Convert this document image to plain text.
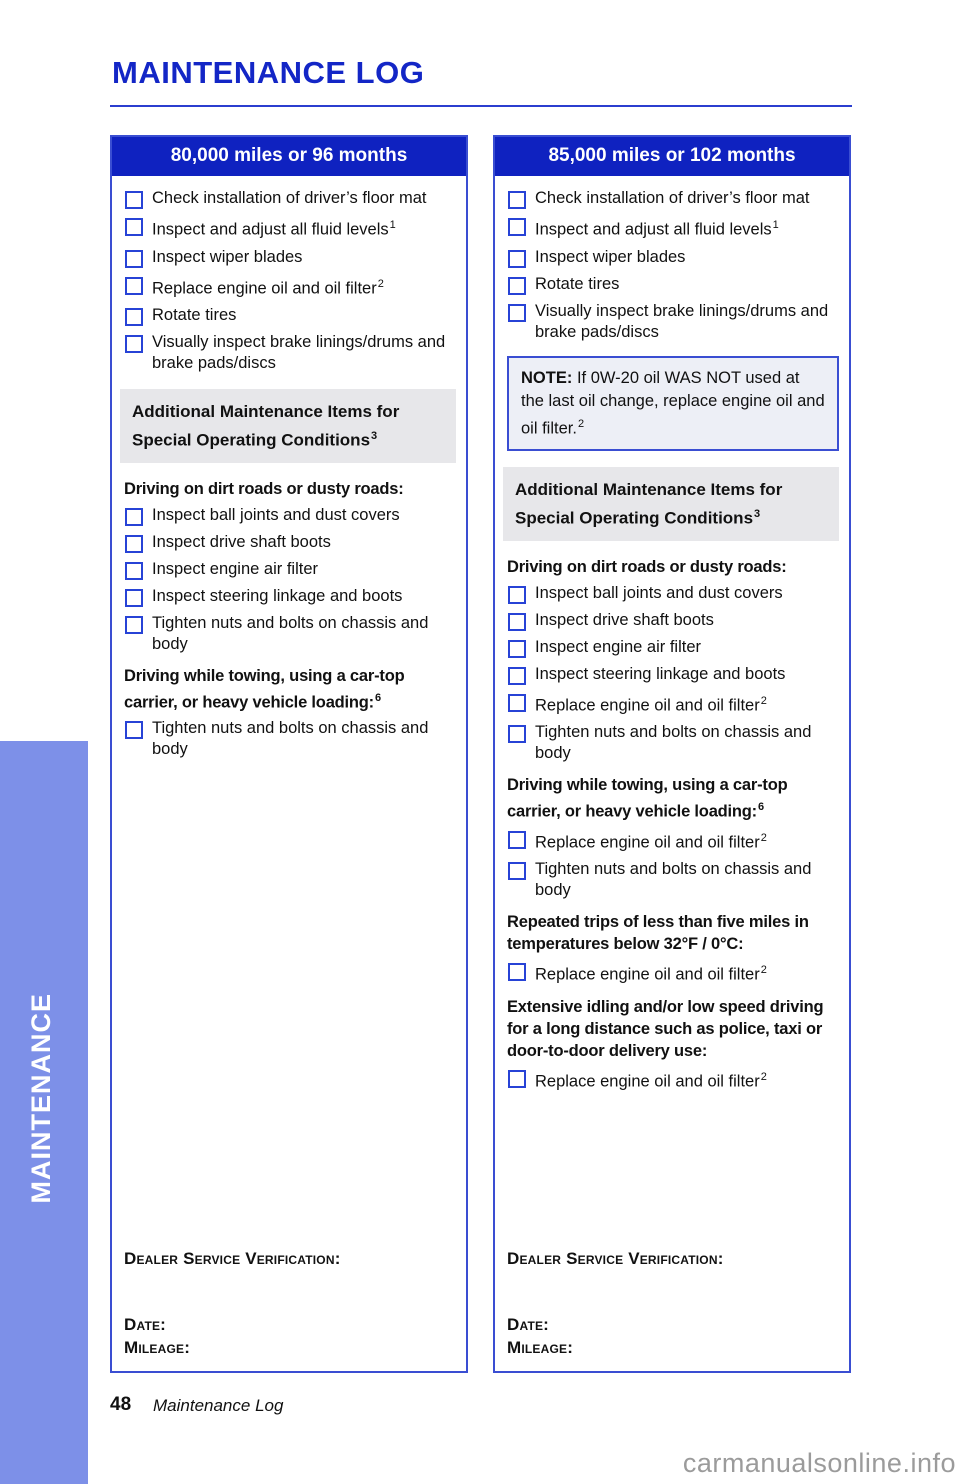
MAINTENANCE LOG
80,000 miles or 96 months
Check installation of driver’s floor mat
Inspect and adjust all fluid levels$^1$
Inspect wiper blades
Replace engine oil and oil filter$^2$
Rotate tires
Visually inspect brake linings/drums and brake pads/discs
Additional Maintenance Items for
Special Operating Conditions$^3$
Driving on dirt roads or dusty roads:
Inspect ball joints and dust covers
Inspect drive shaft boots
Inspect engine air filter
Inspect steering linkage and boots
Tighten nuts and bolts on chassis and body
Driving while towing, using a car-top carrier, or heavy vehicle loading:$^6$
Tighten nuts and bolts on chassis and body
Dealer Service Verification:
Date:
Mileage:
85,000 miles or 102 months
Check installation of driver’s floor mat
Inspect and adjust all fluid levels$^1$
Inspect wiper blades
Rotate tires
Visually inspect brake linings/drums and brake pads/discs
NOTE: If 0W-20 oil WAS NOT used at the last oil change, replace engine oil and oil filter.$^2$
Additional Maintenance Items for
Special Operating Conditions$^3$
Driving on dirt roads or dusty roads:
Inspect ball joints and dust covers
Inspect drive shaft boots
Inspect engine air filter
Inspect steering linkage and boots
Replace engine oil and oil filter$^2$
Tighten nuts and bolts on chassis and body
Driving while towing, using a car-top carrier, or heavy vehicle loading:$^6$
Replace engine oil and oil filter$^2$
Tighten nuts and bolts on chassis and body
Repeated trips of less than five miles in temperatures below 32°F / 0°C:
Replace engine oil and oil filter$^2$
Extensive idling and/or low speed driving for a long distance such as police, taxi or door-to-door delivery use:
Replace engine oil and oil filter$^2$
Dealer Service Verification:
Date:
Mileage:
MAINTENANCE
48 Maintenance Log
carmanualsonline.info
